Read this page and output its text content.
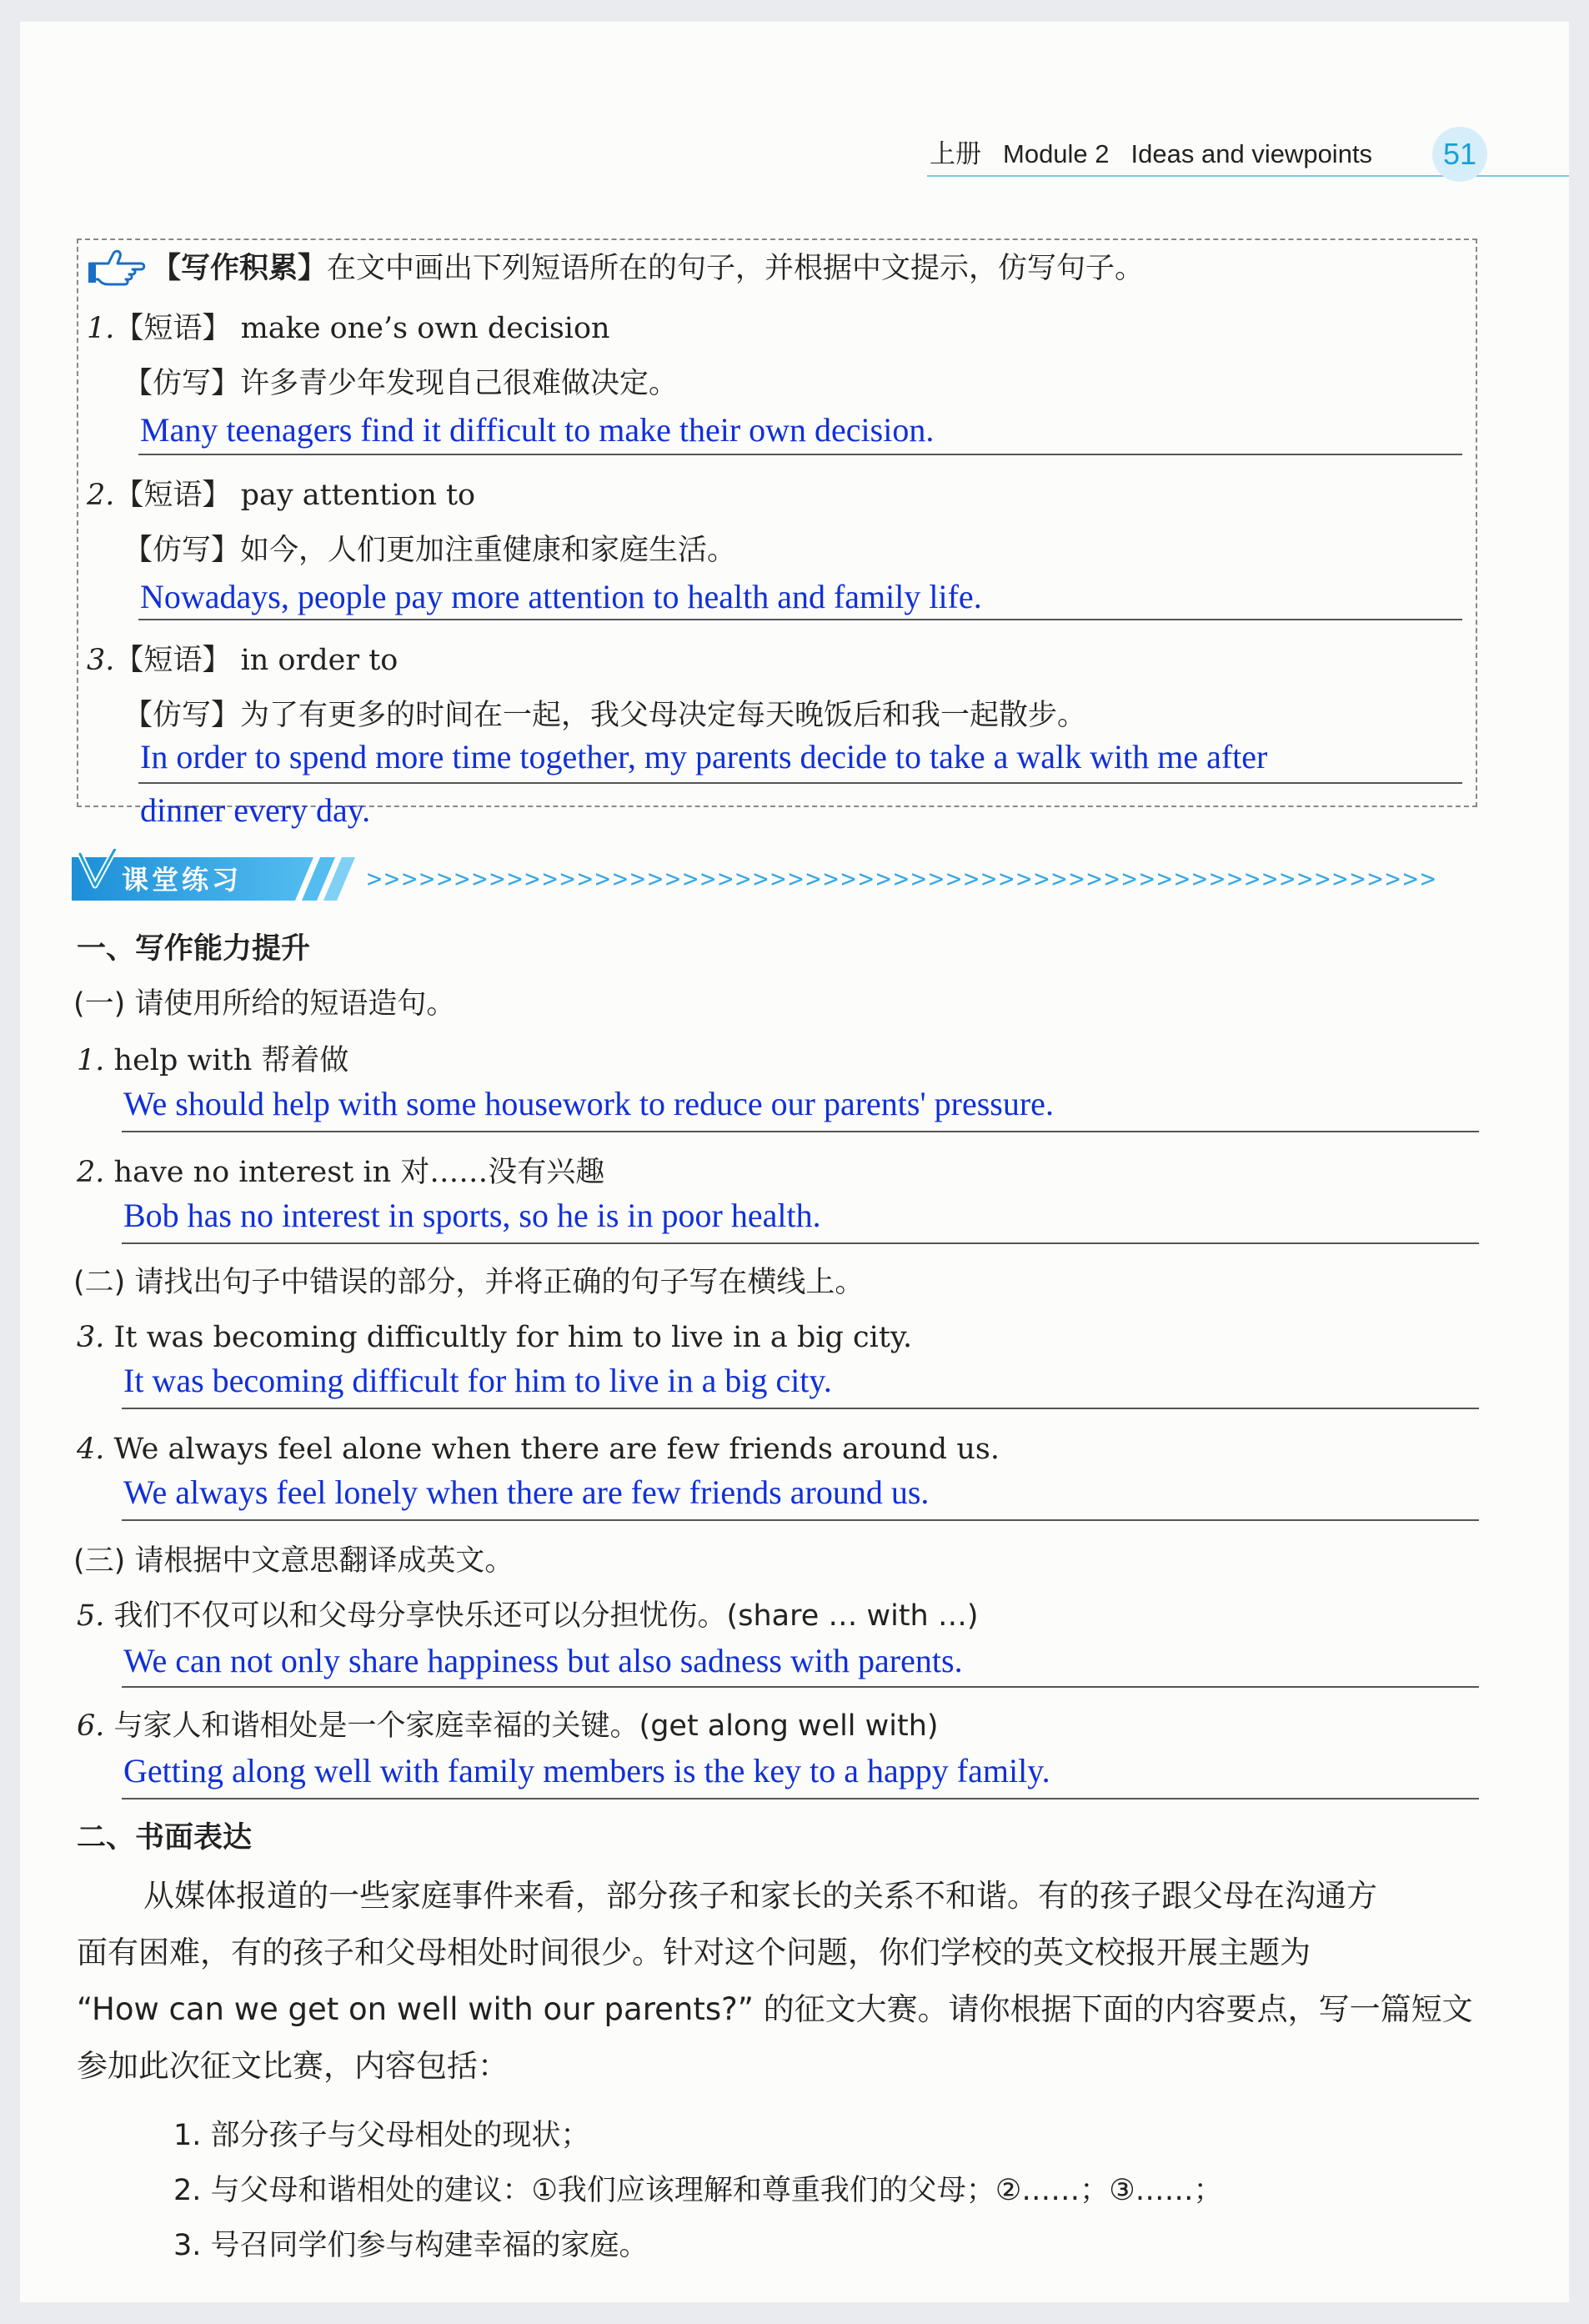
上册 Module 2 Ideas and viewpoints	51
【写作积累】在文中画出下列短语所在的句子，并根据中文提示，仿写句子。
1.【短语】 make one’s own decision
【仿写】许多青少年发现自己很难做决定。
Many teenagers find it difficult to make their own decision.
2.【短语】 pay attention to
【仿写】如今，人们更加注重健康和家庭生活。
Nowadays, people pay more attention to health and family life.
3.【短语】 in order to
【仿写】为了有更多的时间在一起，我父母决定每天晚饭后和我一起散步。
In order to spend more time together, my parents decide to take a walk with me after
dinner every day.
课堂练习	>>>>>>>>>>>>>>>>>>>>>>>>>>>>>>>>>>>>>>>>>>>>>>>>>>>>>>>>>>>>>
一、写作能力提升
(一) 请使用所给的短语造句。
1. help with 帮着做
We should help with some housework to reduce our parents' pressure.
2. have no interest in 对……没有兴趣
Bob has no interest in sports, so he is in poor health.
(二) 请找出句子中错误的部分，并将正确的句子写在横线上。
3. It was becoming difficultly for him to live in a big city.
It was becoming difficult for him to live in a big city.
4. We always feel alone when there are few friends around us.
We always feel lonely when there are few friends around us.
(三) 请根据中文意思翻译成英文。
5. 我们不仅可以和父母分享快乐还可以分担忧伤。(share … with …)
We can not only share happiness but also sadness with parents.
6. 与家人和谐相处是一个家庭幸福的关键。(get along well with)
Getting along well with family members is the key to a happy family.
二、书面表达
从媒体报道的一些家庭事件来看，部分孩子和家长的关系不和谐。有的孩子跟父母在沟通方
面有困难，有的孩子和父母相处时间很少。针对这个问题，你们学校的英文校报开展主题为
“How can we get on well with our parents?” 的征文大赛。请你根据下面的内容要点，写一篇短文
参加此次征文比赛，内容包括：
1. 部分孩子与父母相处的现状；
2. 与父母和谐相处的建议：①我们应该理解和尊重我们的父母；②……；③……；
3. 号召同学们参与构建幸福的家庭。
